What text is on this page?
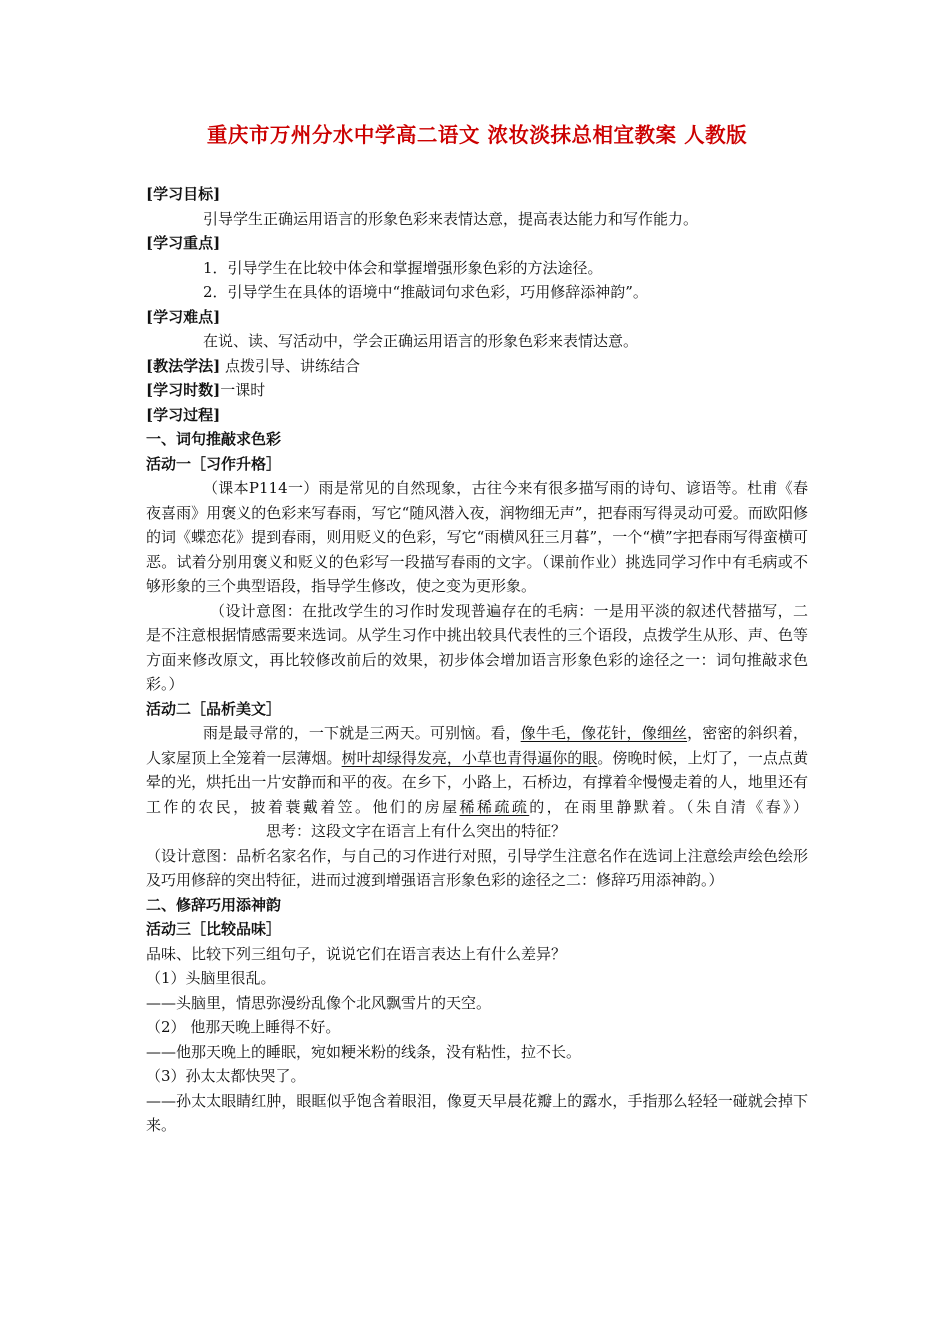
重庆市万州分水中学高二语文 浓妆淡抹总相宜教案 人教版
[学习目标]
引导学生正确运用语言的形象色彩来表情达意，提高表达能力和写作能力。
[学习重点]
1．引导学生在比较中体会和掌握增强形象色彩的方法途径。
2．引导学生在具体的语境中“推敲词句求色彩，巧用修辞添神韵”。
[学习难点]
在说、读、写活动中，学会正确运用语言的形象色彩来表情达意。
[教法学法] 点拨引导、讲练结合
[学习时数]一课时
[学习过程]
一、词句推敲求色彩
活动一［习作升格］
（课本P114一）雨是常见的自然现象，古往今来有很多描写雨的诗句、谚语等。杜甫《春夜喜雨》用褒义的色彩来写春雨，写它“随风潜入夜，润物细无声”，把春雨写得灵动可爱。而欧阳修的词《蝶恋花》提到春雨，则用贬义的色彩，写它“雨横风狂三月暮”，一个“横”字把春雨写得蛮横可恶。试着分别用褒义和贬义的色彩写一段描写春雨的文字。（课前作业）挑选同学习作中有毛病或不够形象的三个典型语段，指导学生修改，使之变为更形象。
（设计意图：在批改学生的习作时发现普遍存在的毛病：一是用平淡的叙述代替描写，二是不注意根据情感需要来选词。从学生习作中挑出较具代表性的三个语段，点拨学生从形、声、色等方面来修改原文，再比较修改前后的效果，初步体会增加语言形象色彩的途径之一：词句推敲求色彩。）
活动二［品析美文］
雨是最寻常的，一下就是三两天。可别恼。看，像牛毛，像花针，像细丝，密密的斜织着，人家屋顶上全笼着一层薄烟。树叶却绿得发亮，小草也青得逼你的眼。傍晚时候，上灯了，一点点黄晕的光，烘托出一片安静而和平的夜。在乡下，小路上，石桥边，有撑着伞慢慢走着的人，地里还有工作的农民，披着蓑戴着笠。他们的房屋稀稀疏疏的，在雨里静默着。（朱自清《春》）思考：这段文字在语言上有什么突出的特征？
（设计意图：品析名家名作，与自己的习作进行对照，引导学生注意名作在选词上注意绘声绘色绘形及巧用修辞的突出特征，进而过渡到增强语言形象色彩的途径之二：修辞巧用添神韵。）
二、修辞巧用添神韵
活动三［比较品味］
品味、比较下列三组句子，说说它们在语言表达上有什么差异？
（1）头脑里很乱。
——头脑里，情思弥漫纷乱像个北风飘雪片的天空。
（2） 他那天晚上睡得不好。
——他那天晚上的睡眠，宛如粳米粉的线条，没有粘性，拉不长。
（3）孙太太都快哭了。
——孙太太眼睛红肿，眼眶似乎饱含着眼泪，像夏天早晨花瓣上的露水，手指那么轻轻一碰就会掉下来。
